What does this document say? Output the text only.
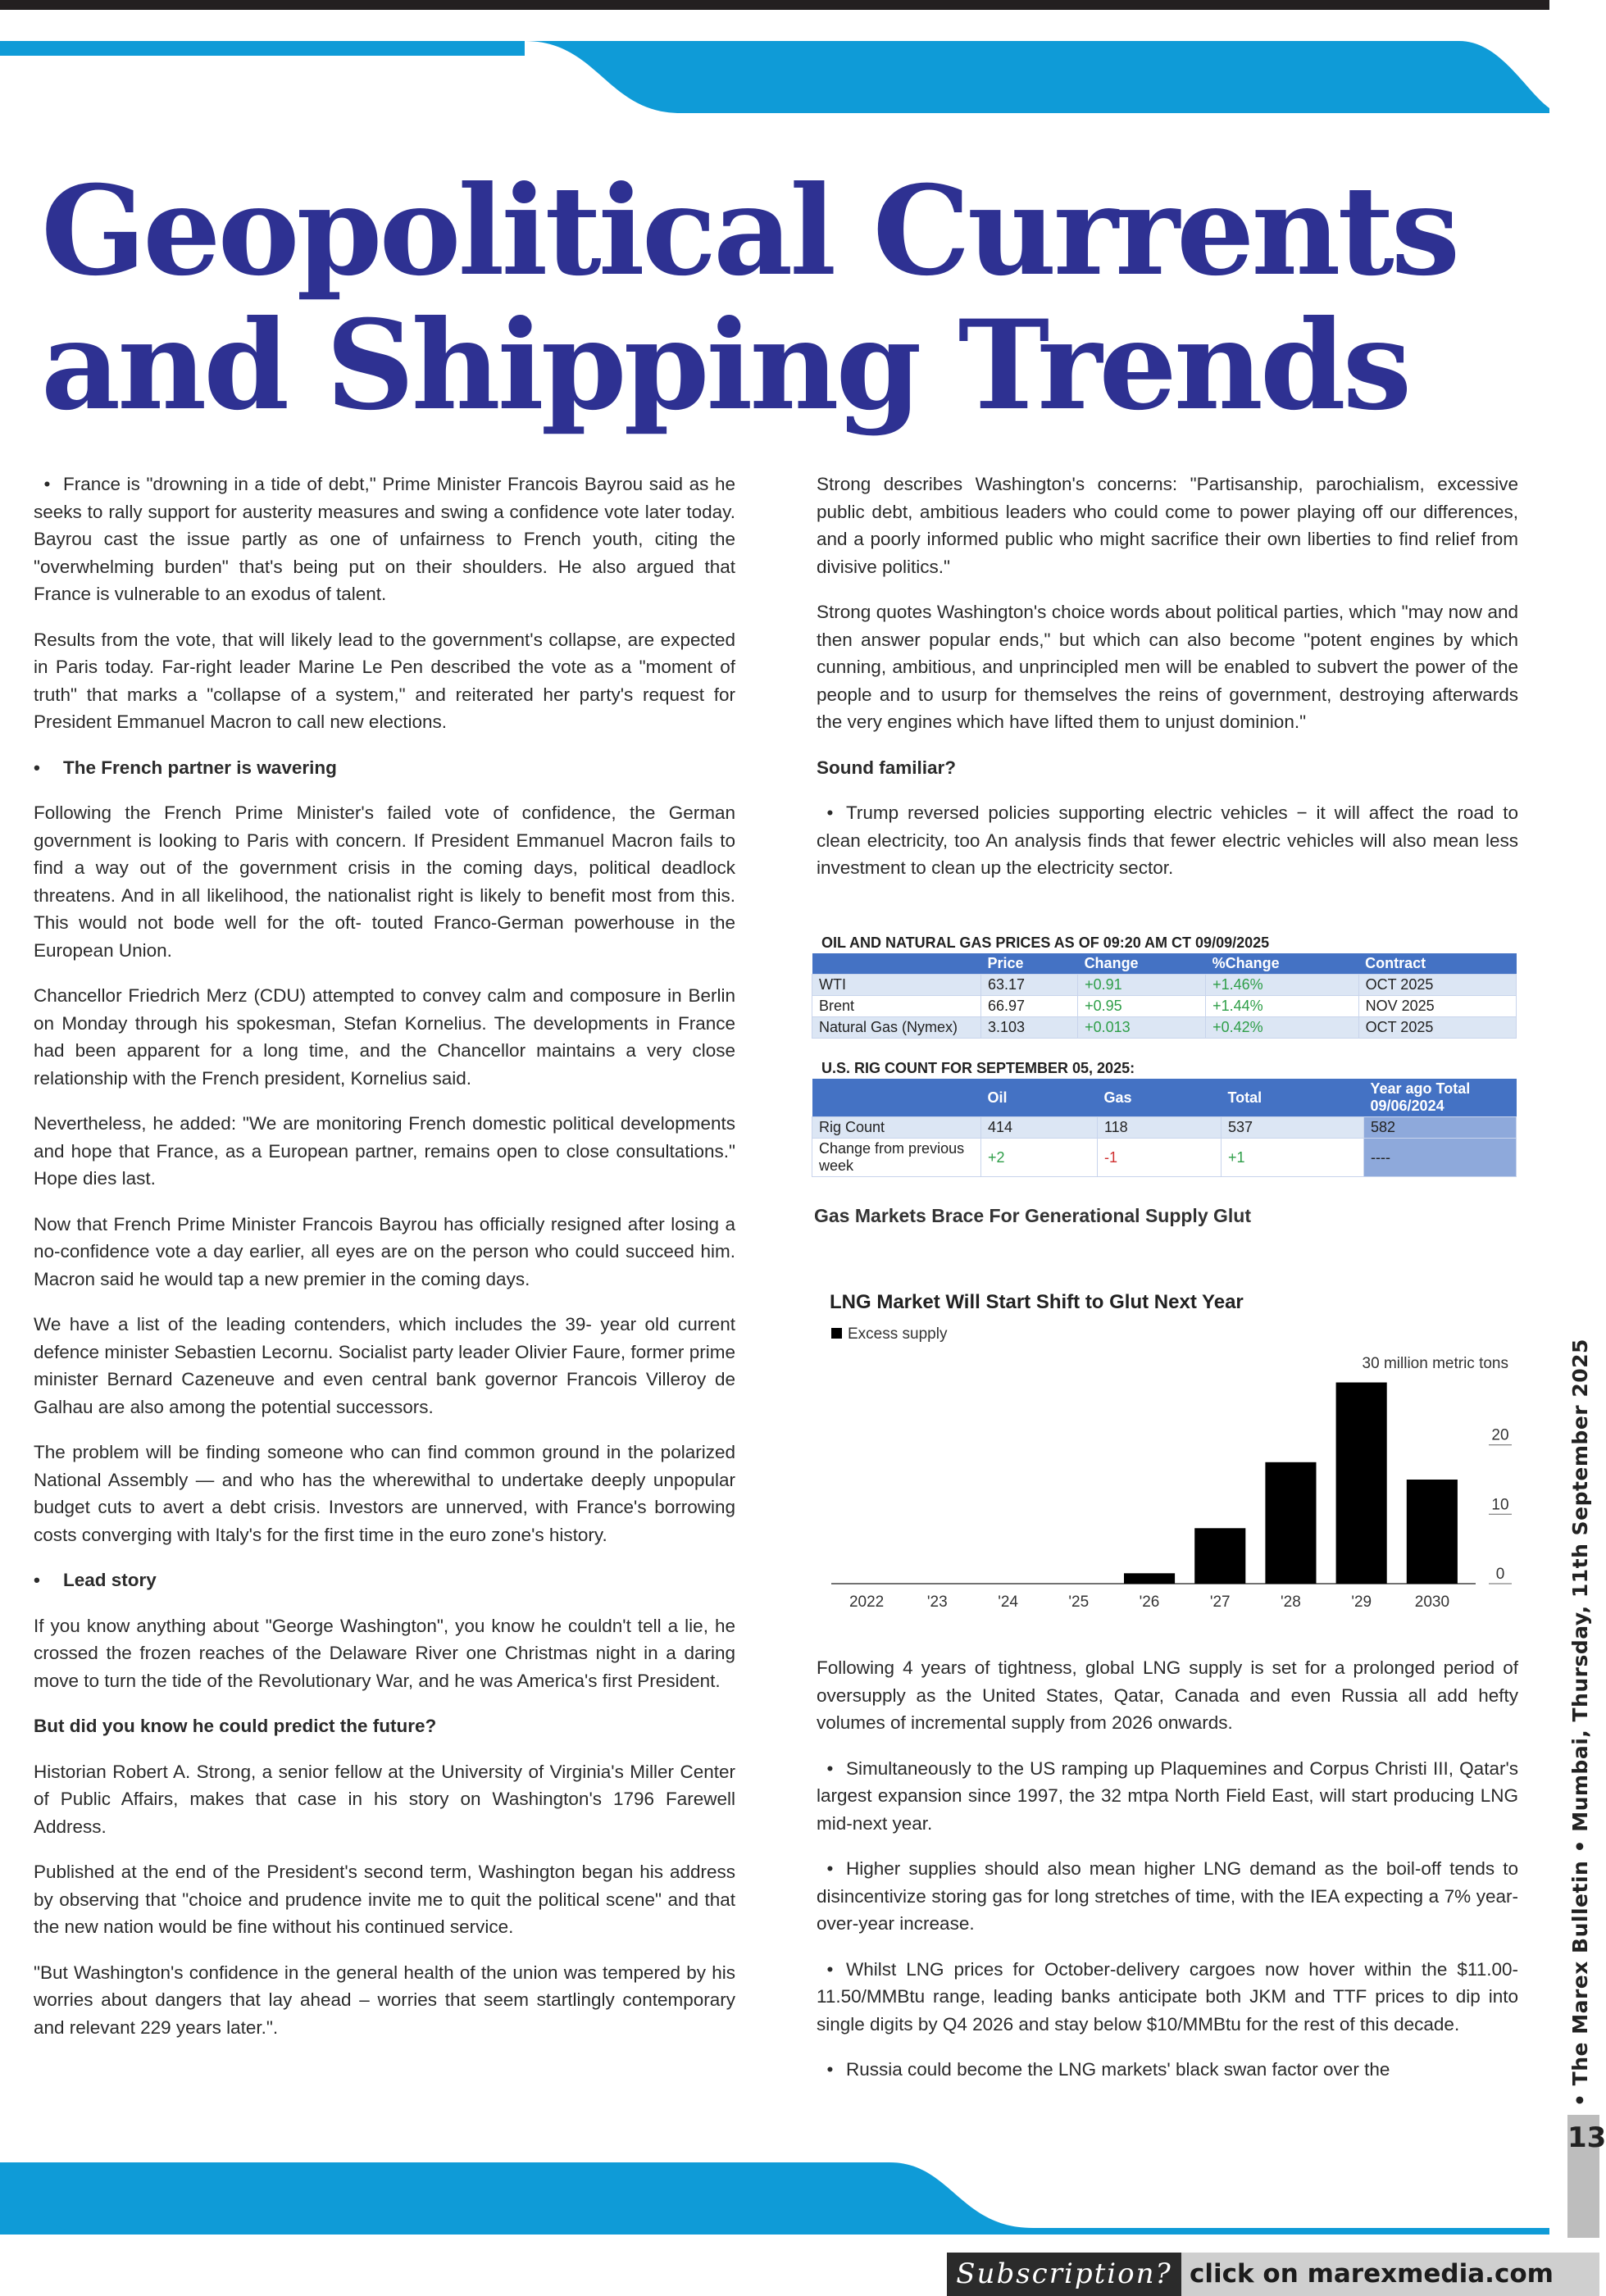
Geopolitical Currents
and Shipping Trends

• France is "drowning in a tide of debt," Prime Minister Francois Bayrou said as he seeks to rally support for austerity measures and swing a confidence vote later today. Bayrou cast the issue partly as one of unfairness to French youth, citing the "overwhelming burden" that's being put on their shoulders. He also argued that France is vulnerable to an exodus of talent.

Results from the vote, that will likely lead to the government's collapse, are expected in Paris today. Far-right leader Marine Le Pen described the vote as a "moment of truth" that marks a "collapse of a system," and reiterated her party's request for President Emmanuel Macron to call new elections.

• The French partner is wavering

Following the French Prime Minister's failed vote of confidence, the German government is looking to Paris with concern. If President Emmanuel Macron fails to find a way out of the government crisis in the coming days, political deadlock threatens. And in all likelihood, the nationalist right is likely to benefit most from this. This would not bode well for the oft- touted Franco-German powerhouse in the European Union.

Chancellor Friedrich Merz (CDU) attempted to convey calm and composure in Berlin on Monday through his spokesman, Stefan Kornelius. The developments in France had been apparent for a long time, and the Chancellor maintains a very close relationship with the French president, Kornelius said.

Nevertheless, he added: "We are monitoring French domestic political developments and hope that France, as a European partner, remains open to close consultations." Hope dies last.

Now that French Prime Minister Francois Bayrou has officially resigned after losing a no-confidence vote a day earlier, all eyes are on the person who could succeed him. Macron said he would tap a new premier in the coming days.

We have a list of the leading contenders, which includes the 39- year old current defence minister Sebastien Lecornu. Socialist party leader Olivier Faure, former prime minister Bernard Cazeneuve and even central bank governor Francois Villeroy de Galhau are also among the potential successors.

The problem will be finding someone who can find common ground in the polarized National Assembly — and who has the wherewithal to undertake deeply unpopular budget cuts to avert a debt crisis. Investors are unnerved, with France's borrowing costs converging with Italy's for the first time in the euro zone's history.

• Lead story

If you know anything about "George Washington", you know he couldn't tell a lie, he crossed the frozen reaches of the Delaware River one Christmas night in a daring move to turn the tide of the Revolutionary War, and he was America's first President.

But did you know he could predict the future?

Historian Robert A. Strong, a senior fellow at the University of Virginia's Miller Center of Public Affairs, makes that case in his story on Washington's 1796 Farewell Address.

Published at the end of the President's second term, Washington began his address by observing that "choice and prudence invite me to quit the political scene" and that the new nation would be fine without his continued service.

"But Washington's confidence in the general health of the union was tempered by his worries about dangers that lay ahead – worries that seem startlingly contemporary and relevant 229 years later.".

Strong describes Washington's concerns: "Partisanship, parochialism, excessive public debt, ambitious leaders who could come to power playing off our differences, and a poorly informed public who might sacrifice their own liberties to find relief from divisive politics."

Strong quotes Washington's choice words about political parties, which "may now and then answer popular ends," but which can also become "potent engines by which cunning, ambitious, and unprincipled men will be enabled to subvert the power of the people and to usurp for themselves the reins of government, destroying afterwards the very engines which have lifted them to unjust dominion."

Sound familiar?

• Trump reversed policies supporting electric vehicles − it will affect the road to clean electricity, too An analysis finds that fewer electric vehicles will also mean less investment to clean up the electricity sector.

OIL AND NATURAL GAS PRICES AS OF 09:20 AM CT 09/09/2025
	Price	Change	%Change	Contract
WTI	63.17	+0.91	+1.46%	OCT 2025
Brent	66.97	+0.95	+1.44%	NOV 2025
Natural Gas (Nymex)	3.103	+0.013	+0.42%	OCT 2025
U.S. RIG COUNT FOR SEPTEMBER 05, 2025:
	Oil	Gas	Total	Year ago Total 09/06/2024
Rig Count	414	118	537	582
Change from previous week	+2	-1	+1	----
Gas Markets Brace For Generational Supply Glut
LNG Market Will Start Shift to Glut Next Year
Excess supply
30 million metric tons
2022	'23	'24	'25	'26	'27	'28	'29	2030
0
10
20

Following 4 years of tightness, global LNG supply is set for a prolonged period of oversupply as the United States, Qatar, Canada and even Russia all add hefty volumes of incremental supply from 2026 onwards.

• Simultaneously to the US ramping up Plaquemines and Corpus Christi III, Qatar's largest expansion since 1997, the 32 mtpa North Field East, will start producing LNG mid-next year.

• Higher supplies should also mean higher LNG demand as the boil-off tends to disincentivize storing gas for long stretches of time, with the IEA expecting a 7% year-over-year increase.

• Whilst LNG prices for October-delivery cargoes now hover within the $11.00-11.50/MMBtu range, leading banks anticipate both JKM and TTF prices to dip into single digits by Q4 2026 and stay below $10/MMBtu for the rest of this decade.

• Russia could become the LNG markets' black swan factor over the	• The Marex Bulletin • Mumbai, Thursday, 11th September 2025
13
Subscription? click on marexmedia.com
